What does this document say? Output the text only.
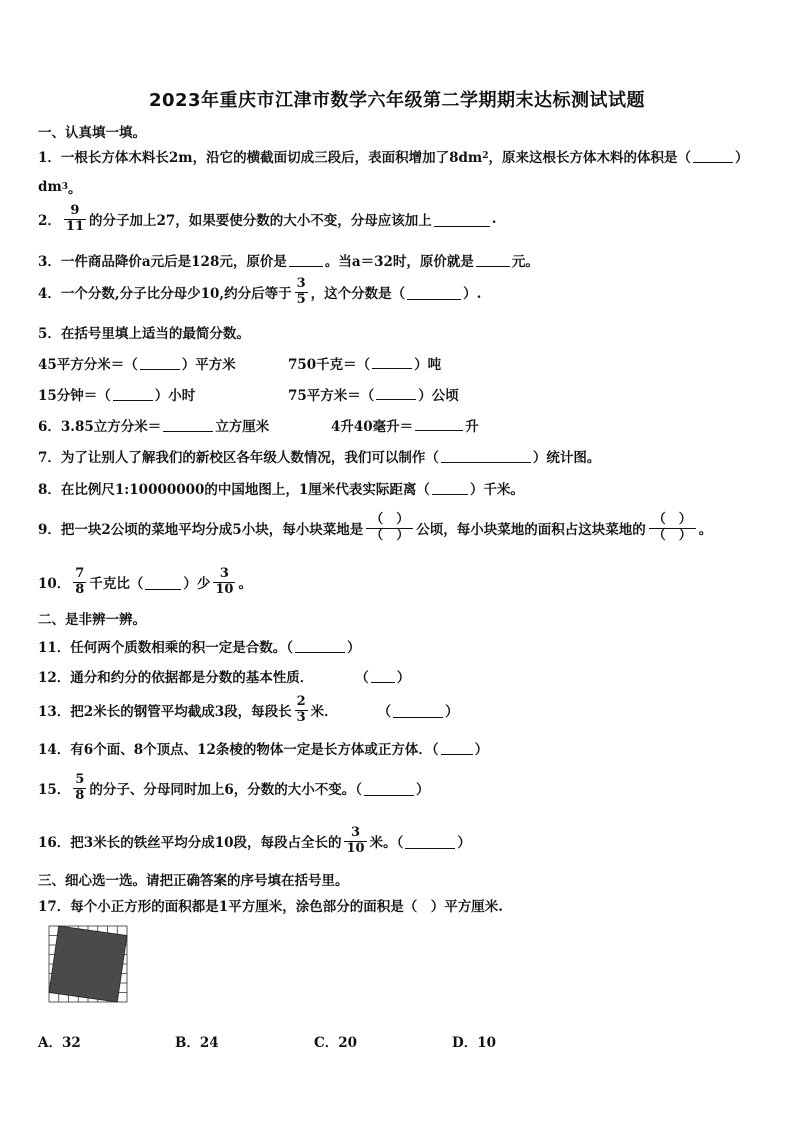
2023年重庆市江津市数学六年级第二学期期末达标测试试题
一、认真填一填。
1． 一根长方体木料长2m，沿它的横截面切成三段后，表面积增加了8dm 2 ，原来这根长方体木料的体积是（	）
dm 3 。
2． $\frac{9}{11}$ 的分子加上27，如果要使分数的大小不变，分母应该加上	.
3． 一件商品降价a元后是128元，原价是	。当a＝32时，原价就是	元。
4． 一个分数,分子比分母少10,约分后等于 $\frac{3}{5}$ ，这个分数是（	）.
5． 在括号里填上适当的最简分数。
45平方分米＝（	）平方米	750千克＝（	）吨
15分钟＝（	）小时	75平方米＝（	）公顷
6． 3.85立方分米＝	立方厘米	4升40毫升＝	升
7． 为了让别人了解我们的新校区各年级人数情况，我们可以制作（	）统计图。
8． 在比例尺1:10000000的中国地图上，1厘米代表实际距离（	）千米。
9． 把一块2公顷的菜地平均分成5小块，每小块菜地是 $\frac{( )}{( )}$ 公顷，每小块菜地的面积占这块菜地的 $\frac{( )}{( )}$ 。
10． $\frac{7}{8}$ 千克比（	）少 $\frac{3}{10}$ 。
二、是非辨一辨。
11． 任何两个质数相乘的积一定是合数。（	）
12． 通分和约分的依据都是分数的基本性质．	（ ）
13． 把2米长的钢管平均截成3段，每段长 $\frac{2}{3}$ 米．	（	）
14． 有6个面、8个顶点、12条棱的物体一定是长方体或正方体．（	）
15． $\frac{5}{8}$ 的分子、分母同时加上6，分数的大小不变。（	）
16． 把3米长的铁丝平均分成10段，每段占全长的 $\frac{3}{10}$ 米。（	）
三、细心选一选。请把正确答案的序号填在括号里。
17． 每个小正方形的面积都是1平方厘米，涂色部分的面积是（　）平方厘米.
A．32	B．24	C．20	D．10
